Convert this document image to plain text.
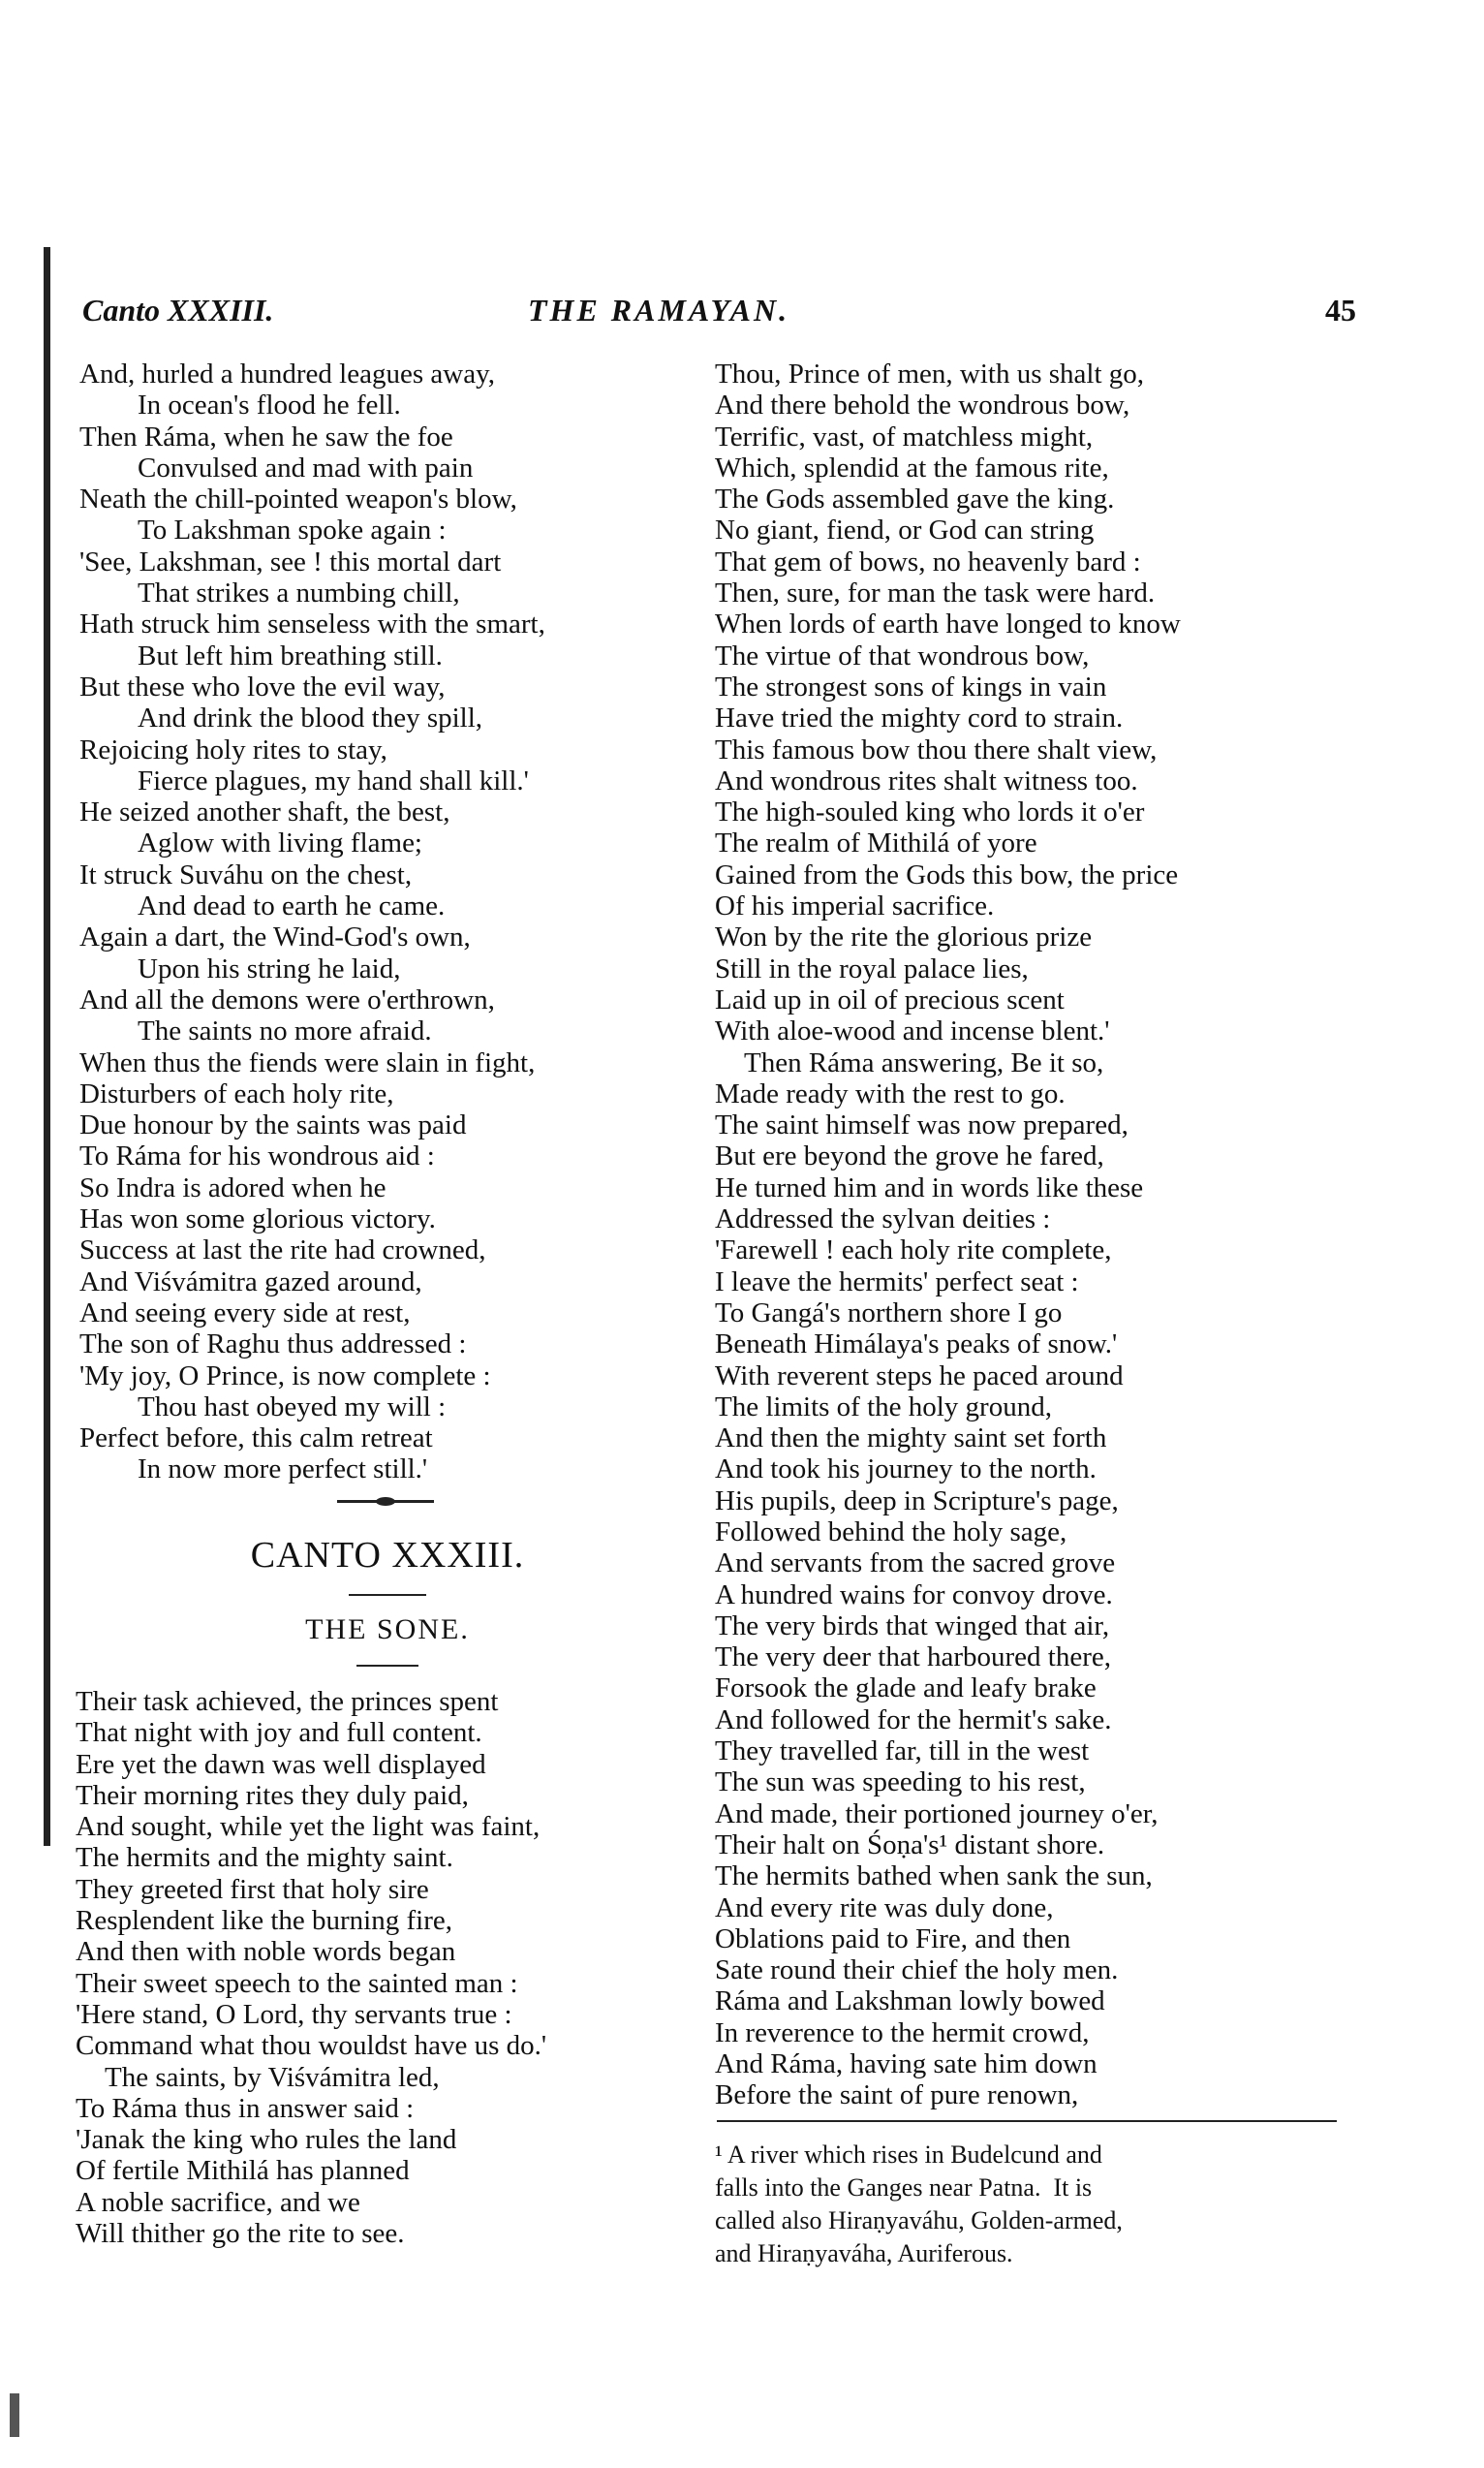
Canto XXXIII.	THE RAMAYAN.	45
And, hurled a hundred leagues away,
In ocean's flood he fell.
Then Ráma, when he saw the foe
Convulsed and mad with pain
Neath the chill-pointed weapon's blow,
To Lakshman spoke again :
'See, Lakshman, see ! this mortal dart
That strikes a numbing chill,
Hath struck him senseless with the smart,
But left him breathing still.
But these who love the evil way,
And drink the blood they spill,
Rejoicing holy rites to stay,
Fierce plagues, my hand shall kill.'
He seized another shaft, the best,
Aglow with living flame;
It struck Suváhu on the chest,
And dead to earth he came.
Again a dart, the Wind-God's own,
Upon his string he laid,
And all the demons were o'erthrown,
The saints no more afraid.
When thus the fiends were slain in fight,
Disturbers of each holy rite,
Due honour by the saints was paid
To Ráma for his wondrous aid :
So Indra is adored when he
Has won some glorious victory.
Success at last the rite had crowned,
And Viśvámitra gazed around,
And seeing every side at rest,
The son of Raghu thus addressed :
'My joy, O Prince, is now complete :
Thou hast obeyed my will :
Perfect before, this calm retreat
In now more perfect still.'
CANTO XXXIII.
THE SONE.
Their task achieved, the princes spent
That night with joy and full content.
Ere yet the dawn was well displayed
Their morning rites they duly paid,
And sought, while yet the light was faint,
The hermits and the mighty saint.
They greeted first that holy sire
Resplendent like the burning fire,
And then with noble words began
Their sweet speech to the sainted man :
'Here stand, O Lord, thy servants true :
Command what thou wouldst have us do.'
The saints, by Viśvámitra led,
To Ráma thus in answer said :
'Janak the king who rules the land
Of fertile Mithilá has planned
A noble sacrifice, and we
Will thither go the rite to see.
Thou, Prince of men, with us shalt go,
And there behold the wondrous bow,
Terrific, vast, of matchless might,
Which, splendid at the famous rite,
The Gods assembled gave the king.
No giant, fiend, or God can string
That gem of bows, no heavenly bard :
Then, sure, for man the task were hard.
When lords of earth have longed to know
The virtue of that wondrous bow,
The strongest sons of kings in vain
Have tried the mighty cord to strain.
This famous bow thou there shalt view,
And wondrous rites shalt witness too.
The high-souled king who lords it o'er
The realm of Mithilá of yore
Gained from the Gods this bow, the price
Of his imperial sacrifice.
Won by the rite the glorious prize
Still in the royal palace lies,
Laid up in oil of precious scent
With aloe-wood and incense blent.'
Then Ráma answering, Be it so,
Made ready with the rest to go.
The saint himself was now prepared,
But ere beyond the grove he fared,
He turned him and in words like these
Addressed the sylvan deities :
'Farewell ! each holy rite complete,
I leave the hermits' perfect seat :
To Gangá's northern shore I go
Beneath Himálaya's peaks of snow.'
With reverent steps he paced around
The limits of the holy ground,
And then the mighty saint set forth
And took his journey to the north.
His pupils, deep in Scripture's page,
Followed behind the holy sage,
And servants from the sacred grove
A hundred wains for convoy drove.
The very birds that winged that air,
The very deer that harboured there,
Forsook the glade and leafy brake
And followed for the hermit's sake.
They travelled far, till in the west
The sun was speeding to his rest,
And made, their portioned journey o'er,
Their halt on Śoṇa's¹ distant shore.
The hermits bathed when sank the sun,
And every rite was duly done,
Oblations paid to Fire, and then
Sate round their chief the holy men.
Ráma and Lakshman lowly bowed
In reverence to the hermit crowd,
And Ráma, having sate him down
Before the saint of pure renown,
¹ A river which rises in Budelcund and
falls into the Ganges near Patna.  It is
called also Hiraṇyaváhu, Golden-armed,
and Hiraṇyaváha, Auriferous.
